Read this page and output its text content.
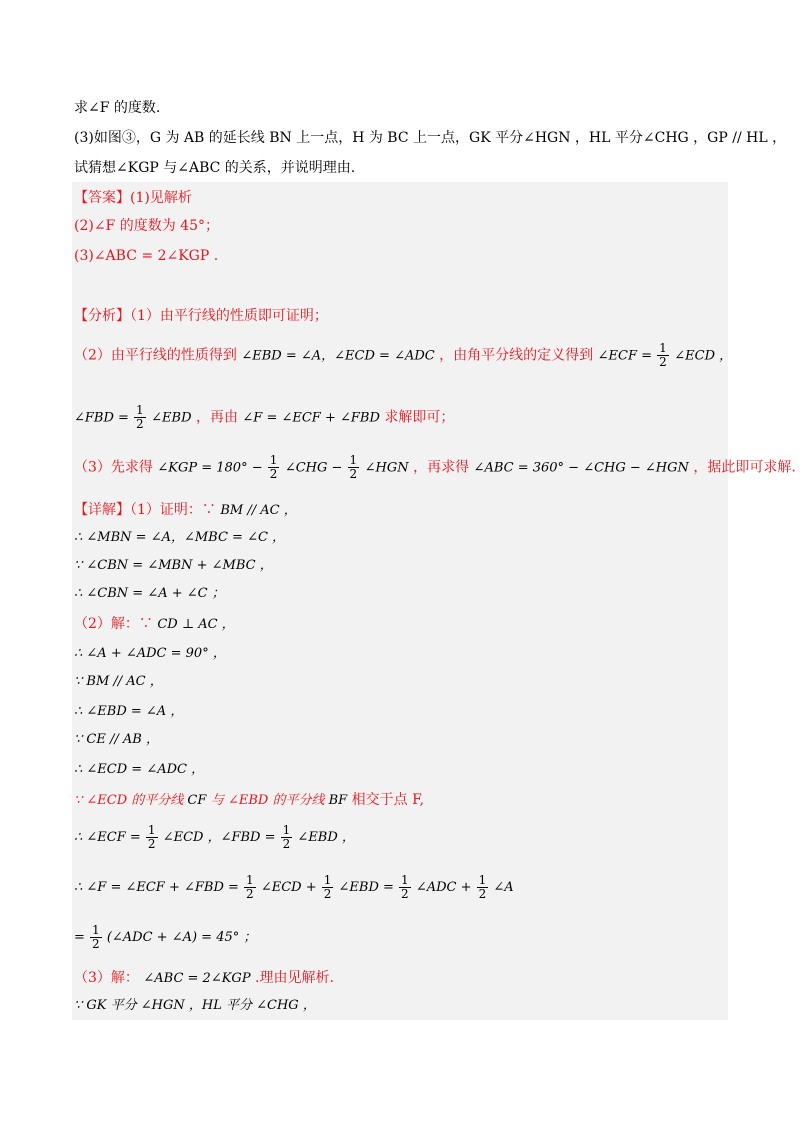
求∠F 的度数.
(3)如图③，G 为 AB 的延长线 BN 上一点，H 为 BC 上一点，GK 平分∠HGN ，HL 平分∠CHG ，GP // HL ，
试猜想∠KGP 与∠ABC 的关系，并说明理由.
【答案】(1)见解析
(2)∠F 的度数为 45°；
(3)∠ABC = 2∠KGP .
【分析】（1）由平行线的性质即可证明；
（2）由平行线的性质得到 ∠EBD = ∠A，∠ECD = ∠ADC ，由角平分线的定义得到 ∠ECF = $\frac{1}{2}$ ∠ECD ，
∠FBD = $\frac{1}{2}$ ∠EBD ，再由 ∠F = ∠ECF + ∠FBD 求解即可；
（3）先求得 ∠KGP = $180^\circ - \frac{1}{2}$ ∠CHG − $\frac{1}{2}$ ∠HGN ，再求得 ∠ABC = 360° − ∠CHG − ∠HGN ，据此即可求解.
【详解】（1）证明：∵ BM // AC ，
∴ ∠MBN = ∠A，∠MBC = ∠C ，
∵ ∠CBN = ∠MBN + ∠MBC ，
∴ ∠CBN = ∠A + ∠C ；
（2）解：∵ CD ⊥ AC ，
∴ ∠A + ∠ADC = 90° ，
∵ BM // AC ，
∴ ∠EBD = ∠A ，
∵ CE // AB ，
∴ ∠ECD = ∠ADC ，
∵ ∠ECD 的平分线 CF 与 ∠EBD 的平分线 BF 相交于点 F,
∴ ∠ECF = $\frac{1}{2}$ ∠ECD ，∠FBD = $\frac{1}{2}$ ∠EBD ，
∴ ∠F = ∠ECF + ∠FBD = $\frac{1}{2}$ ∠ECD + $\frac{1}{2}$ ∠EBD = $\frac{1}{2}$ ∠ADC + $\frac{1}{2}$ ∠A
= $\frac{1}{2}$ (∠ADC + ∠A) = 45° ；
（3）解： ∠ABC = 2∠KGP .理由见解析.
∵ GK 平分 ∠HGN ，HL 平分 ∠CHG ，
